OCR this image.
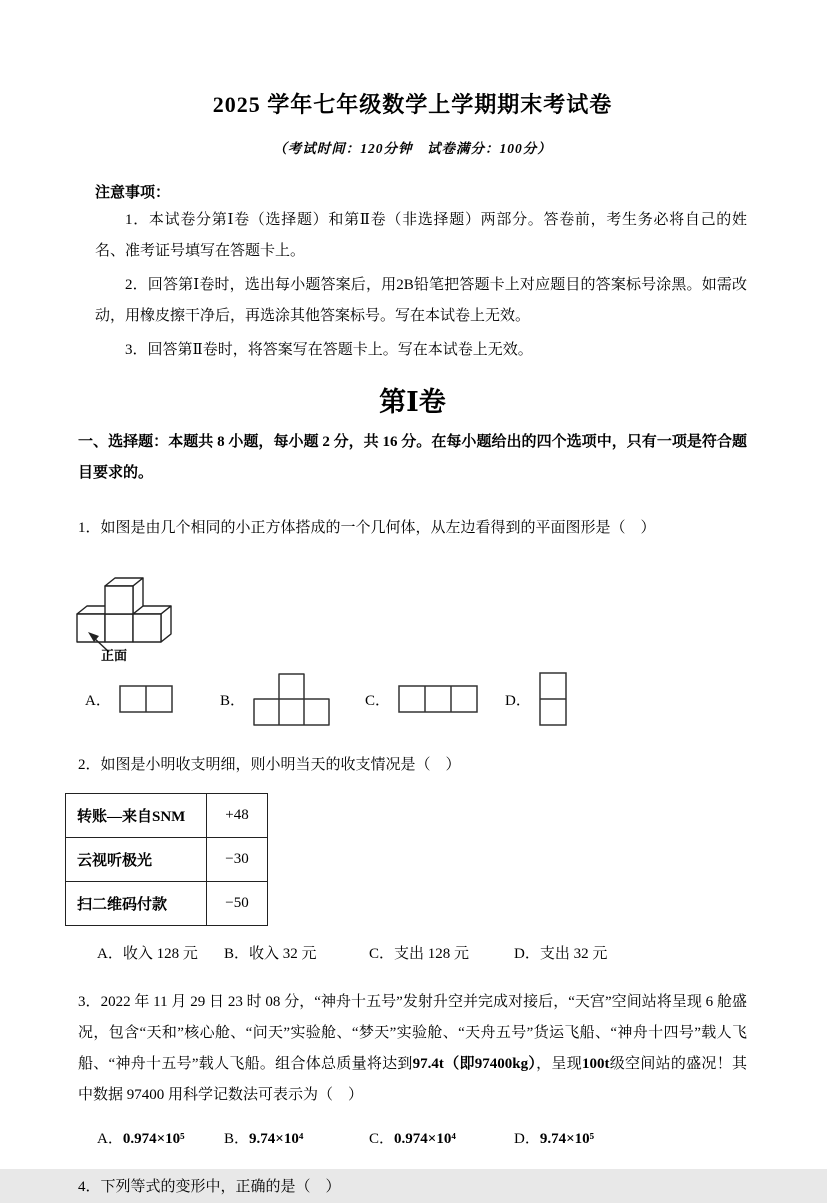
2025 学年七年级数学上学期期末考试卷

（考试时间：120分钟　试卷满分：100分）

注意事项：

1．本试卷分第Ⅰ卷（选择题）和第Ⅱ卷（非选择题）两部分。答卷前，考生务必将自己的姓名、准考证号填写在答题卡上。

2．回答第Ⅰ卷时，选出每小题答案后，用2B铅笔把答题卡上对应题目的答案标号涂黑。如需改动，用橡皮擦干净后，再选涂其他答案标号。写在本试卷上无效。

3．回答第Ⅱ卷时，将答案写在答题卡上。写在本试卷上无效。

第Ⅰ卷

一、选择题：本题共 8 小题，每小题 2 分，共 16 分。在每小题给出的四个选项中，只有一项是符合题目要求的。

1．如图是由几个相同的小正方体搭成的一个几何体，从左边看得到的平面图形是（　）

正面
A．	B．	C．	D．

2．如图是小明收支明细，则小明当天的收支情况是（　）

转账—来自SNM	+48
云视听极光	−30
扫二维码付款	−50
A．收入 128 元	B．收入 32 元	C．支出 128 元	D．支出 32 元

3．2022 年 11 月 29 日 23 时 08 分，“神舟十五号”发射升空并完成对接后，“天宫”空间站将呈现 6 舱盛况，包含“天和”核心舱、“问天”实验舱、“梦天”实验舱、“天舟五号”货运飞船、“神舟十四号”载人飞船、“神舟十五号”载人飞船。组合体总质量将达到97.4t（即97400kg），呈现100t级空间站的盛况！其中数据 97400 用科学记数法可表示为（　）

A．0.974×10⁵	B．9.74×10⁴	C．0.974×10⁴	D．9.74×10⁵

4．下列等式的变形中，正确的是（　）
